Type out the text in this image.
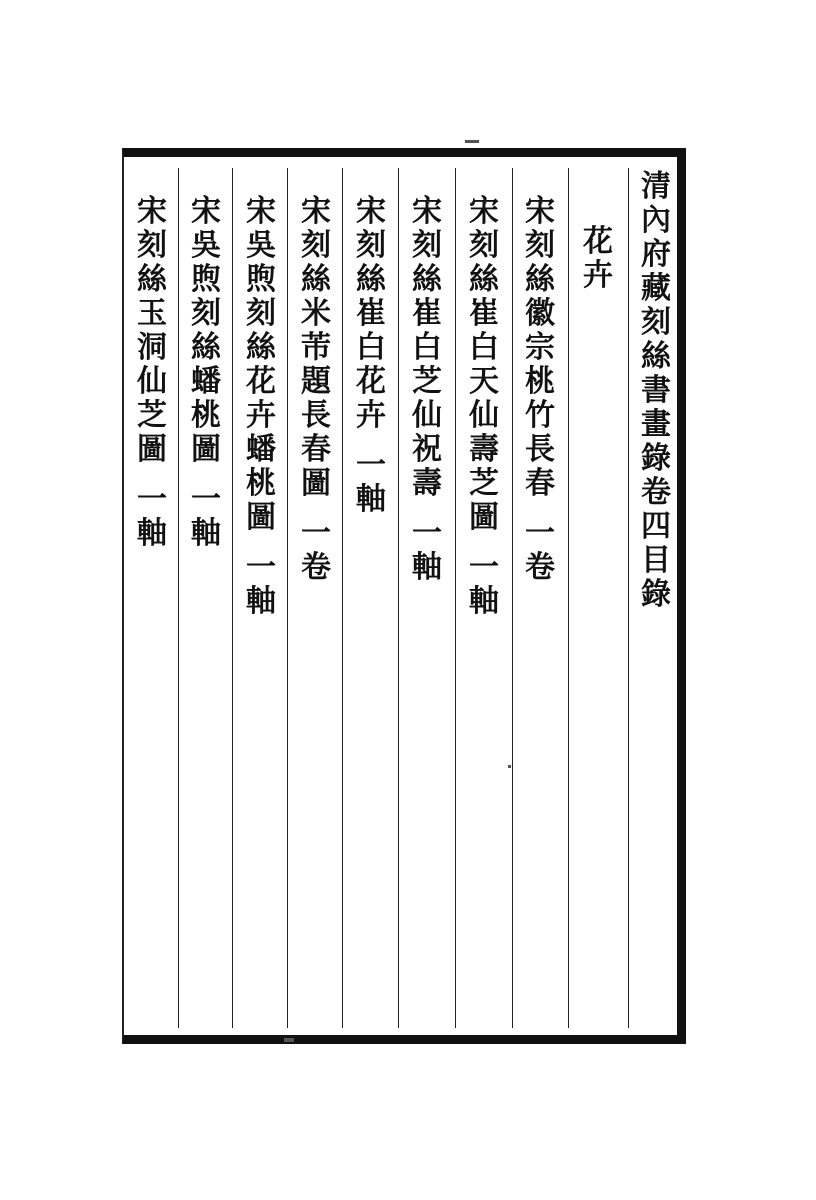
清
內
府
藏
刻
絲
書
畫
錄
卷
四
目
錄
花
卉
宋
刻
絲
徽
宗
桃
竹
長
春
一
卷
宋
刻
絲
崔
白
天
仙
壽
芝
圖
一
軸
宋
刻
絲
崔
白
芝
仙
祝
壽
一
軸
宋
刻
絲
崔
白
花
卉
一
軸
宋
刻
絲
米
芾
題
長
春
圖
一
卷
宋
吳
煦
刻
絲
花
卉
蟠
桃
圖
一
軸
宋
吳
煦
刻
絲
蟠
桃
圖
一
軸
宋
刻
絲
玉
洞
仙
芝
圖
一
軸
